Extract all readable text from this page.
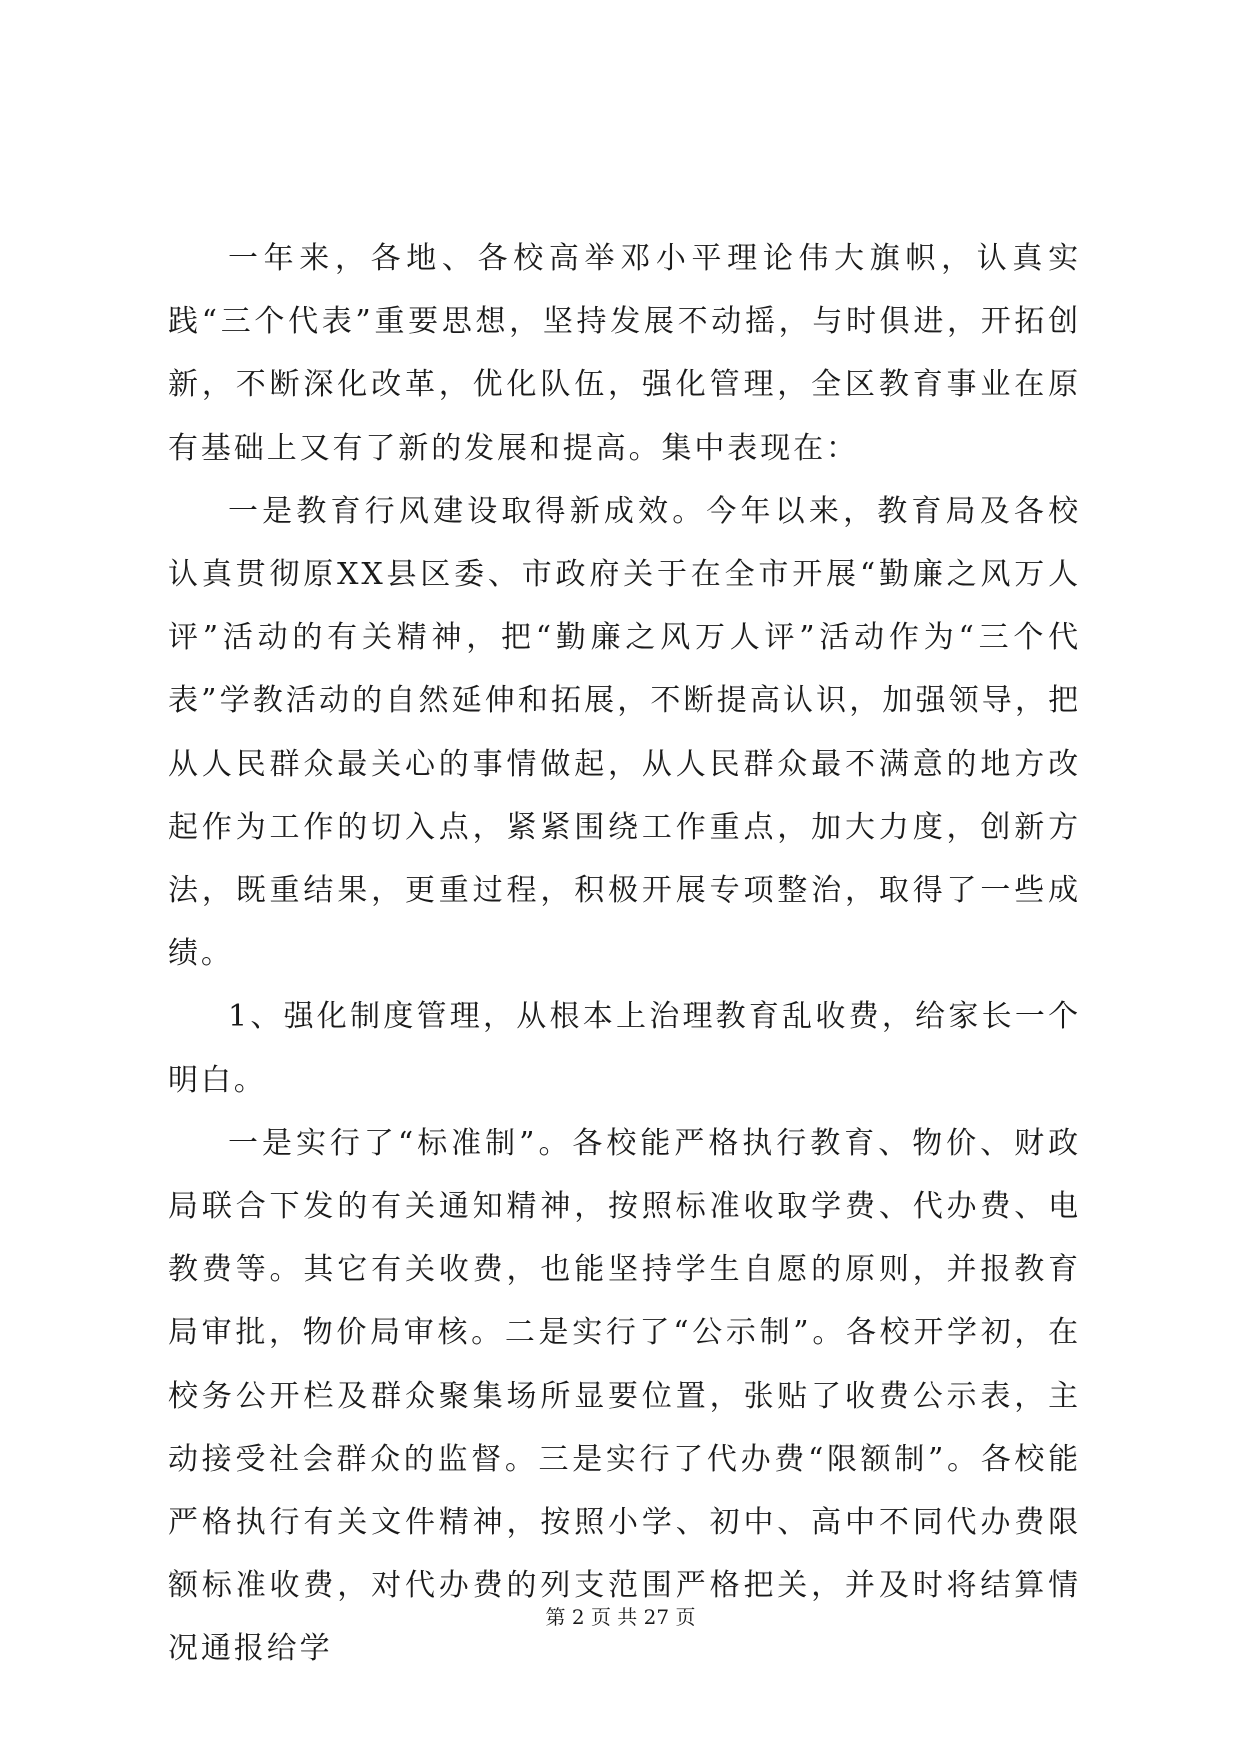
一年来，各地、各校高举邓小平理论伟大旗帜，认真实践“三个代表”重要思想，坚持发展不动摇，与时俱进，开拓创新，不断深化改革，优化队伍，强化管理，全区教育事业在原有基础上又有了新的发展和提高。集中表现在：

一是教育行风建设取得新成效。今年以来，教育局及各校认真贯彻原XX县区委、市政府关于在全市开展“勤廉之风万人评”活动的有关精神，把“勤廉之风万人评”活动作为“三个代表”学教活动的自然延伸和拓展，不断提高认识，加强领导，把从人民群众最关心的事情做起，从人民群众最不满意的地方改起作为工作的切入点，紧紧围绕工作重点，加大力度，创新方法，既重结果，更重过程，积极开展专项整治，取得了一些成绩。

1、强化制度管理，从根本上治理教育乱收费，给家长一个明白。

一是实行了“标准制”。各校能严格执行教育、物价、财政局联合下发的有关通知精神，按照标准收取学费、代办费、电教费等。其它有关收费，也能坚持学生自愿的原则，并报教育局审批，物价局审核。二是实行了“公示制”。各校开学初，在校务公开栏及群众聚集场所显要位置，张贴了收费公示表，主动接受社会群众的监督。三是实行了代办费“限额制”。各校能严格执行有关文件精神，按照小学、初中、高中不同代办费限额标准收费，对代办费的列支范围严格把关，并及时将结算情况通报给学

第 2 页 共 27 页
